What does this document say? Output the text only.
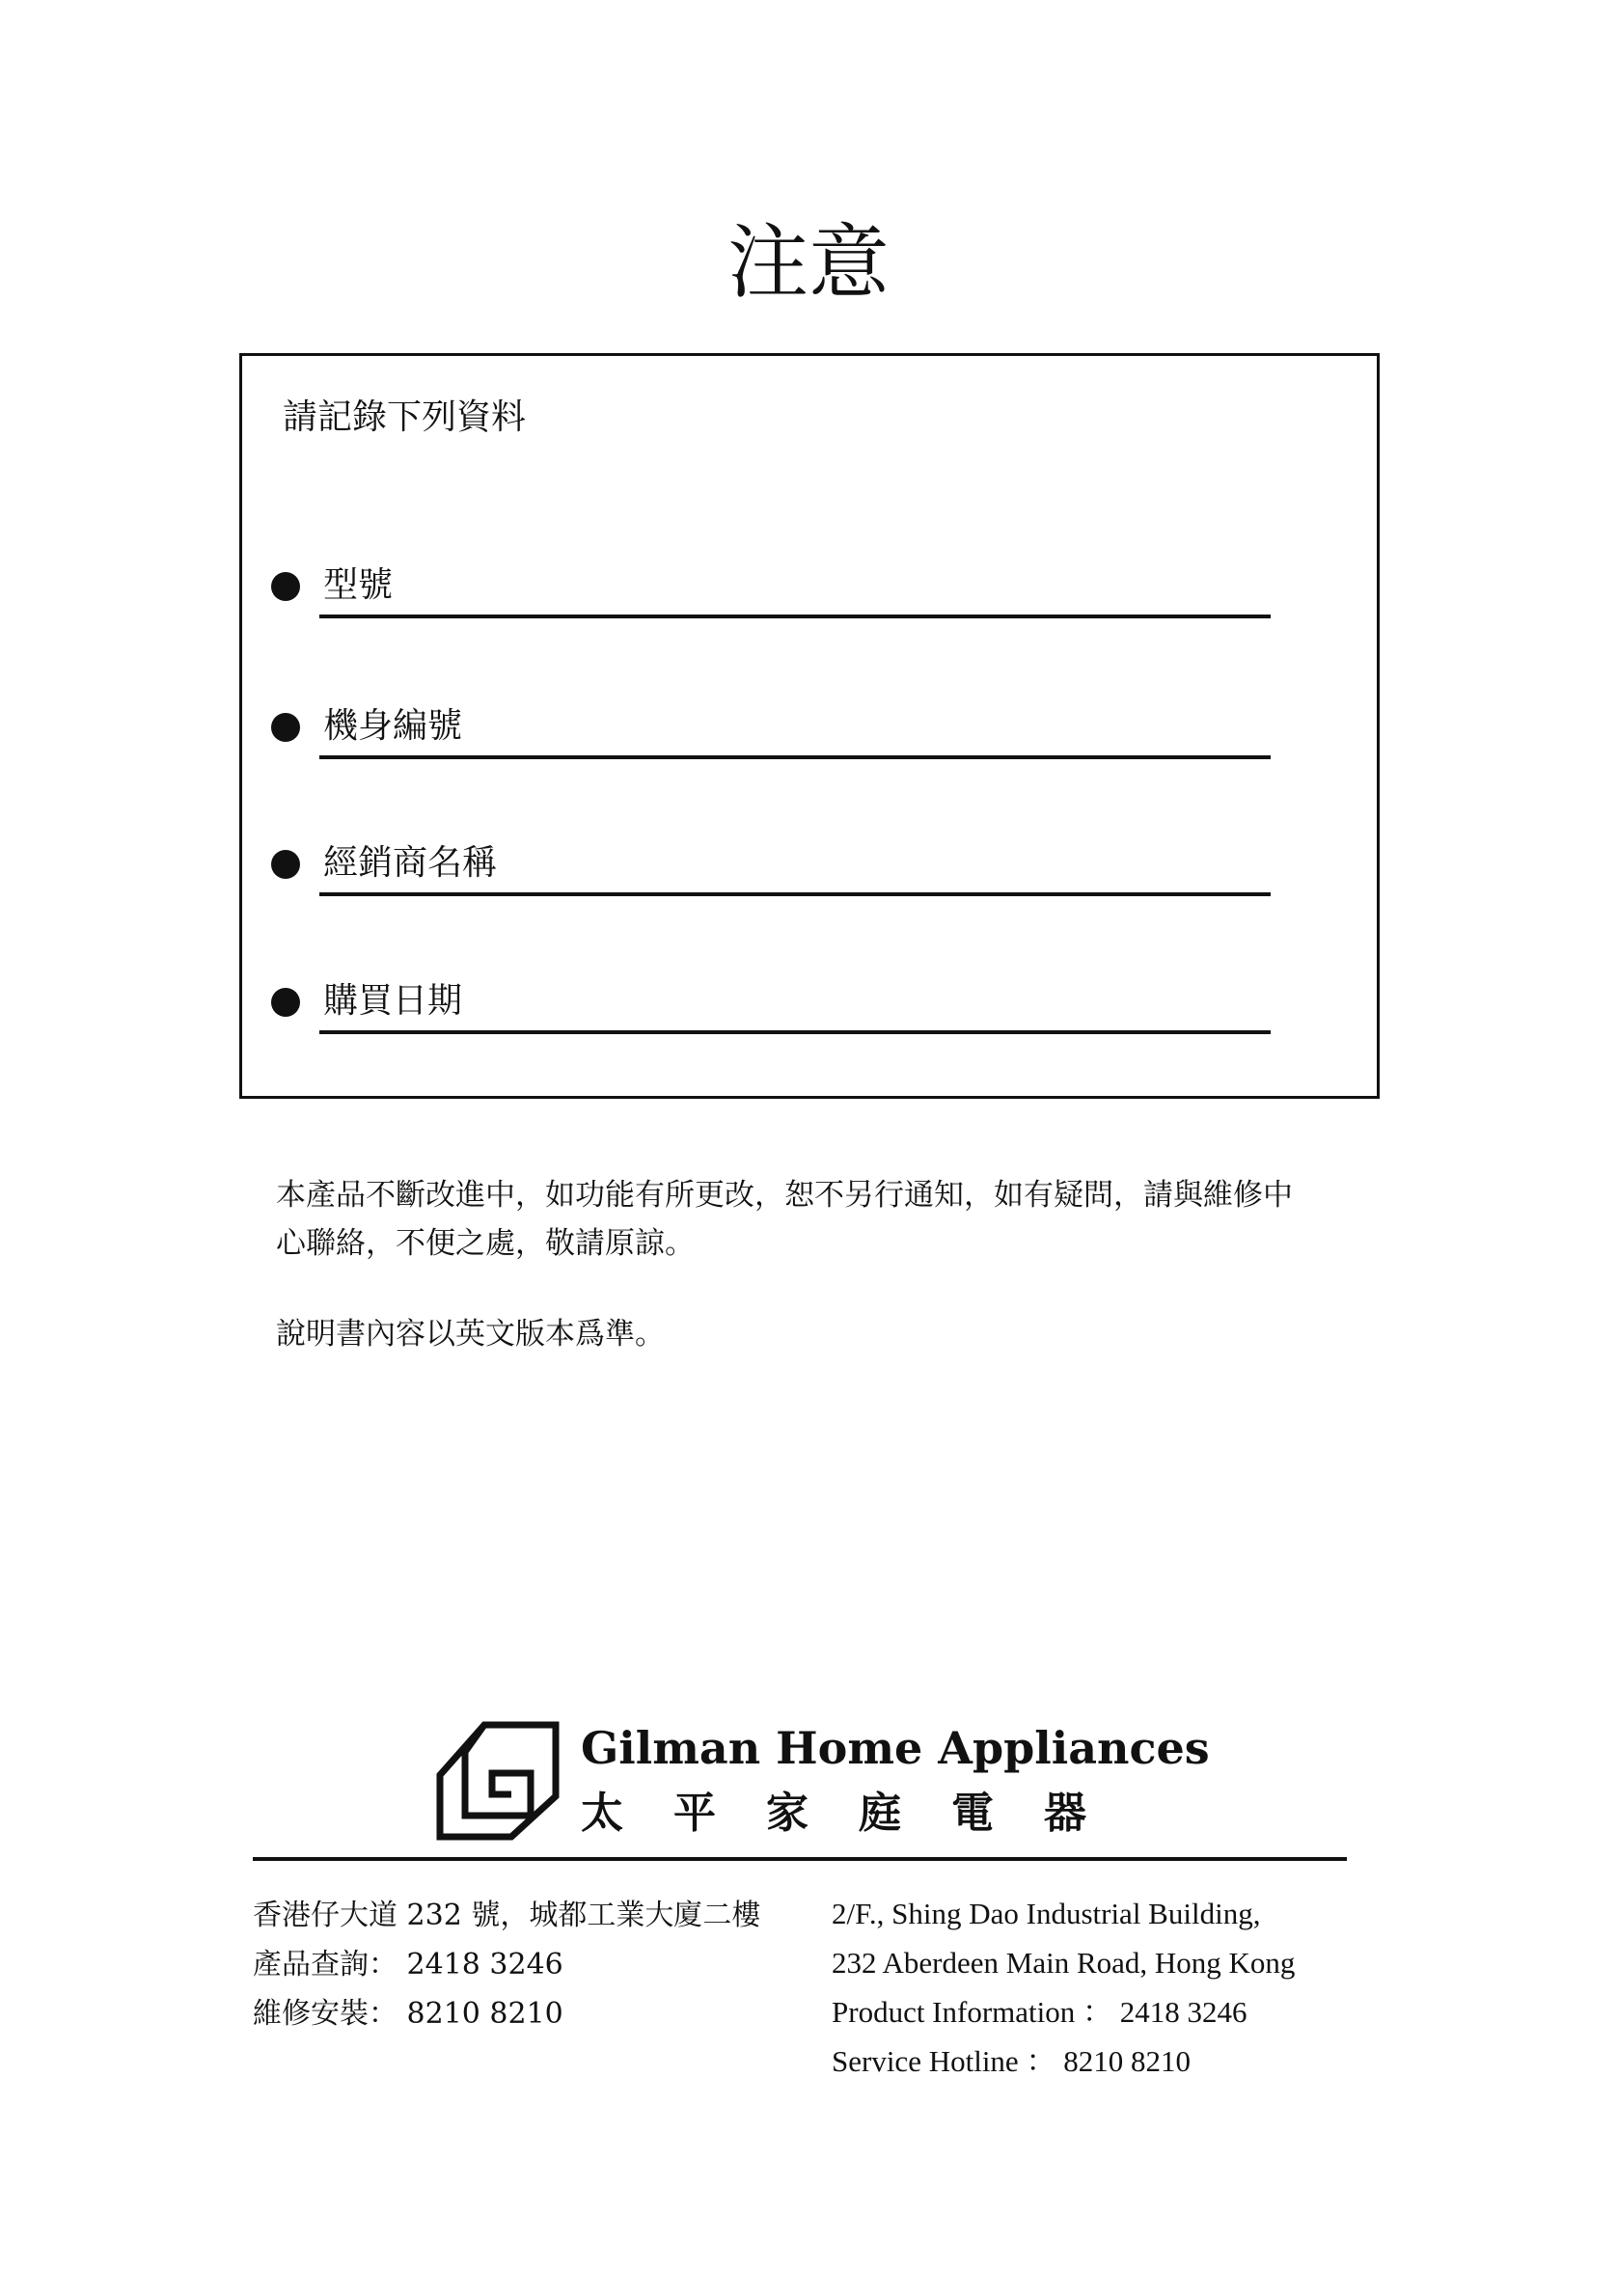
注意
請記錄下列資料
型號
機身編號
經銷商名稱
購買日期

本產品不斷改進中，如功能有所更改，恕不另行通知，如有疑問，請與維修中

心聯絡，不便之處，敬請原諒。

說明書內容以英文版本爲準。

Gilman Home Appliances
太平家庭電器
香港仔大道 232 號，城都工業大廈二樓
產品查詢： 2418 3246
維修安裝： 8210 8210
2/F., Shing Dao Industrial Building,
232 Aberdeen Main Road, Hong Kong
Product Information ： 2418 3246
Service Hotline ： 8210 8210
